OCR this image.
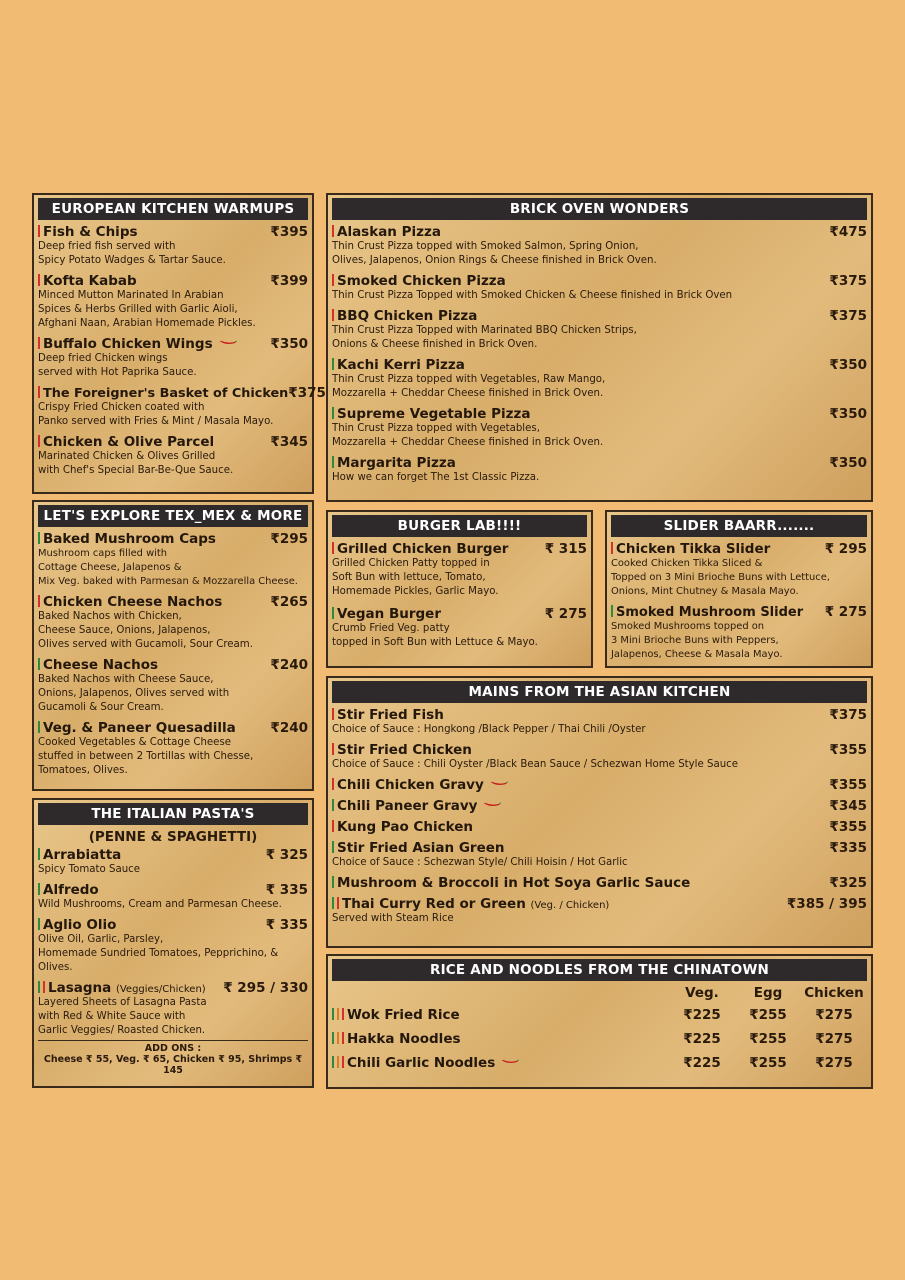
EUROPEAN KITCHEN WARMUPS
Fish & Chips	₹395
Deep fried fish served with
Spicy Potato Wadges & Tartar Sauce.
Kofta Kabab	₹399
Minced Mutton Marinated In Arabian
Spices & Herbs Grilled with Garlic Aioli,
Afghani Naan, Arabian Homemade Pickles.
Buffalo Chicken Wings	₹350
Deep fried Chicken wings
served with Hot Paprika Sauce.
The Foreigner's Basket of Chicken ₹375
Crispy Fried Chicken coated with
Panko served with Fries & Mint / Masala Mayo.
Chicken & Olive Parcel	₹345
Marinated Chicken & Olives Grilled
with Chef's Special Bar-Be-Que Sauce.
LET'S EXPLORE TEX_MEX & MORE
Baked Mushroom Caps	₹295
Mushroom caps filled with
Cottage Cheese, Jalapenos &
Mix Veg. baked with Parmesan & Mozzarella Cheese.
Chicken Cheese Nachos	₹265
Baked Nachos with Chicken,
Cheese Sauce, Onions, Jalapenos,
Olives served with Gucamoli, Sour Cream.
Cheese Nachos	₹240
Baked Nachos with Cheese Sauce,
Onions, Jalapenos, Olives served with
Gucamoli & Sour Cream.
Veg. & Paneer Quesadilla	₹240
Cooked Vegetables & Cottage Cheese
stuffed in between 2 Tortillas with Chesse,
Tomatoes, Olives.
THE ITALIAN PASTA'S
(PENNE & SPAGHETTI)
Arrabiatta	₹ 325
Spicy Tomato Sauce
Alfredo	₹ 335
Wild Mushrooms, Cream and Parmesan Cheese.
Aglio Olio	₹ 335
Olive Oil, Garlic, Parsley,
Homemade Sundried Tomatoes, Pepprichino, &
Olives.
Lasagna (Veggies/Chicken)	₹ 295 / 330
Layered Sheets of Lasagna Pasta
with Red & White Sauce with
Garlic Veggies/ Roasted Chicken.
ADD ONS :
Cheese ₹ 55, Veg. ₹ 65, Chicken ₹ 95, Shrimps ₹ 145
BRICK OVEN WONDERS
Alaskan Pizza	₹475
Thin Crust Pizza topped with Smoked Salmon, Spring Onion,
Olives, Jalapenos, Onion Rings & Cheese finished in Brick Oven.
Smoked Chicken Pizza	₹375
Thin Crust Pizza Topped with Smoked Chicken & Cheese finished in Brick Oven
BBQ Chicken Pizza	₹375
Thin Crust Pizza Topped with Marinated BBQ Chicken Strips,
Onions & Cheese finished in Brick Oven.
Kachi Kerri Pizza	₹350
Thin Crust Pizza topped with Vegetables, Raw Mango,
Mozzarella + Cheddar Cheese finished in Brick Oven.
Supreme Vegetable Pizza	₹350
Thin Crust Pizza topped with Vegetables,
Mozzarella + Cheddar Cheese finished in Brick Oven.
Margarita Pizza	₹350
How we can forget The 1st Classic Pizza.
BURGER LAB!!!!
Grilled Chicken Burger	₹ 315
Grilled Chicken Patty topped in
Soft Bun with lettuce, Tomato,
Homemade Pickles, Garlic Mayo.
Vegan Burger	₹ 275
Crumb Fried Veg. patty
topped in Soft Bun with Lettuce & Mayo.
SLIDER BAARR.......
Chicken Tikka Slider	₹ 295
Cooked Chicken Tikka Sliced &
Topped on 3 Mini Brioche Buns with Lettuce,
Onions, Mint Chutney & Masala Mayo.
Smoked Mushroom Slider	₹ 275
Smoked Mushrooms topped on
3 Mini Brioche Buns with Peppers,
Jalapenos, Cheese & Masala Mayo.
MAINS FROM THE ASIAN KITCHEN
Stir Fried Fish	₹375
Choice of Sauce : Hongkong /Black Pepper / Thai Chili /Oyster
Stir Fried Chicken	₹355
Choice of Sauce : Chili Oyster /Black Bean Sauce / Schezwan Home Style Sauce
Chili Chicken Gravy	₹355
Chili Paneer Gravy	₹345
Kung Pao Chicken	₹355
Stir Fried Asian Green	₹335
Choice of Sauce : Schezwan Style/ Chili Hoisin / Hot Garlic
Mushroom & Broccoli in Hot Soya Garlic Sauce	₹325
Thai Curry Red or Green (Veg. / Chicken)	₹385 / 395
Served with Steam Rice
RICE AND NOODLES FROM THE CHINATOWN
Veg.	Egg	Chicken
Wok Fried Rice	₹225	₹255	₹275
Hakka Noodles	₹225	₹255	₹275
Chili Garlic Noodles	₹225	₹255	₹275
